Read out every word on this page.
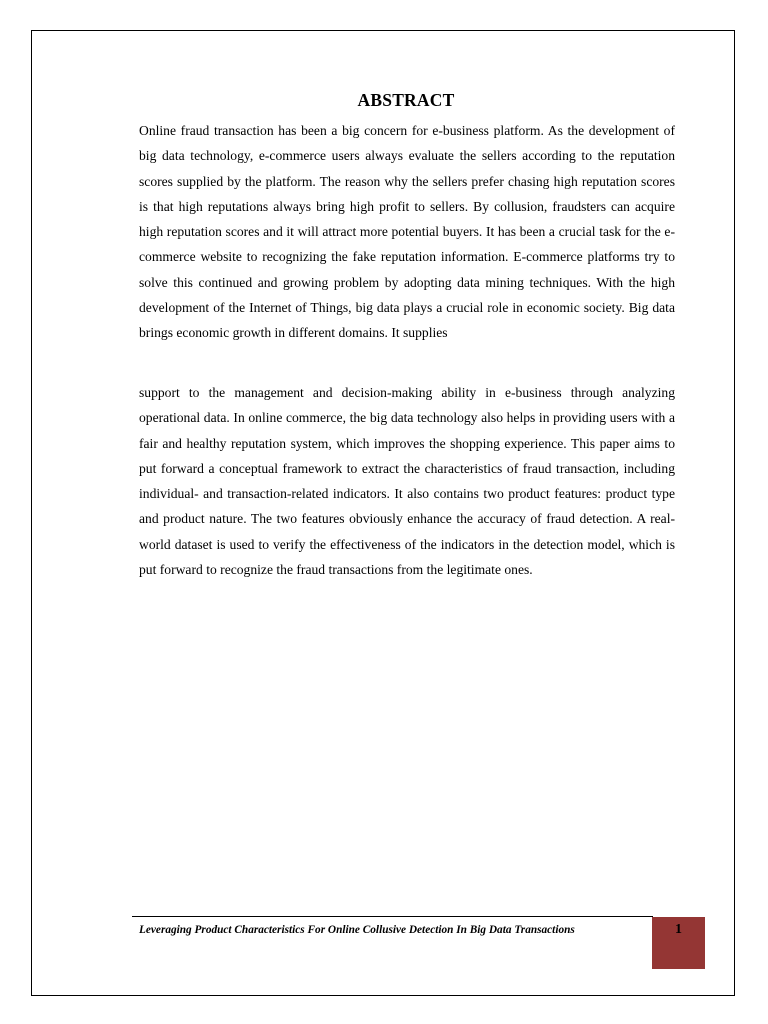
ABSTRACT

Online fraud transaction has been a big concern for e-business platform. As the development of big data technology, e-commerce users always evaluate the sellers according to the reputation scores supplied by the platform. The reason why the sellers prefer chasing high reputation scores is that high reputations always bring high profit to sellers. By collusion, fraudsters can acquire high reputation scores and it will attract more potential buyers. It has been a crucial task for the e-commerce website to recognizing the fake reputation information. E-commerce platforms try to solve this continued and growing problem by adopting data mining techniques. With the high development of the Internet of Things, big data plays a crucial role in economic society. Big data brings economic growth in different domains. It supplies

support to the management and decision-making ability in e-business through analyzing operational data. In online commerce, the big data technology also helps in providing users with a fair and healthy reputation system, which improves the shopping experience. This paper aims to put forward a conceptual framework to extract the characteristics of fraud transaction, including individual- and transaction-related indicators. It also contains two product features: product type and product nature. The two features obviously enhance the accuracy of fraud detection. A real-world dataset is used to verify the effectiveness of the indicators in the detection model, which is put forward to recognize the fraud transactions from the legitimate ones.

Leveraging Product Characteristics For Online Collusive Detection In Big Data Transactions	1
